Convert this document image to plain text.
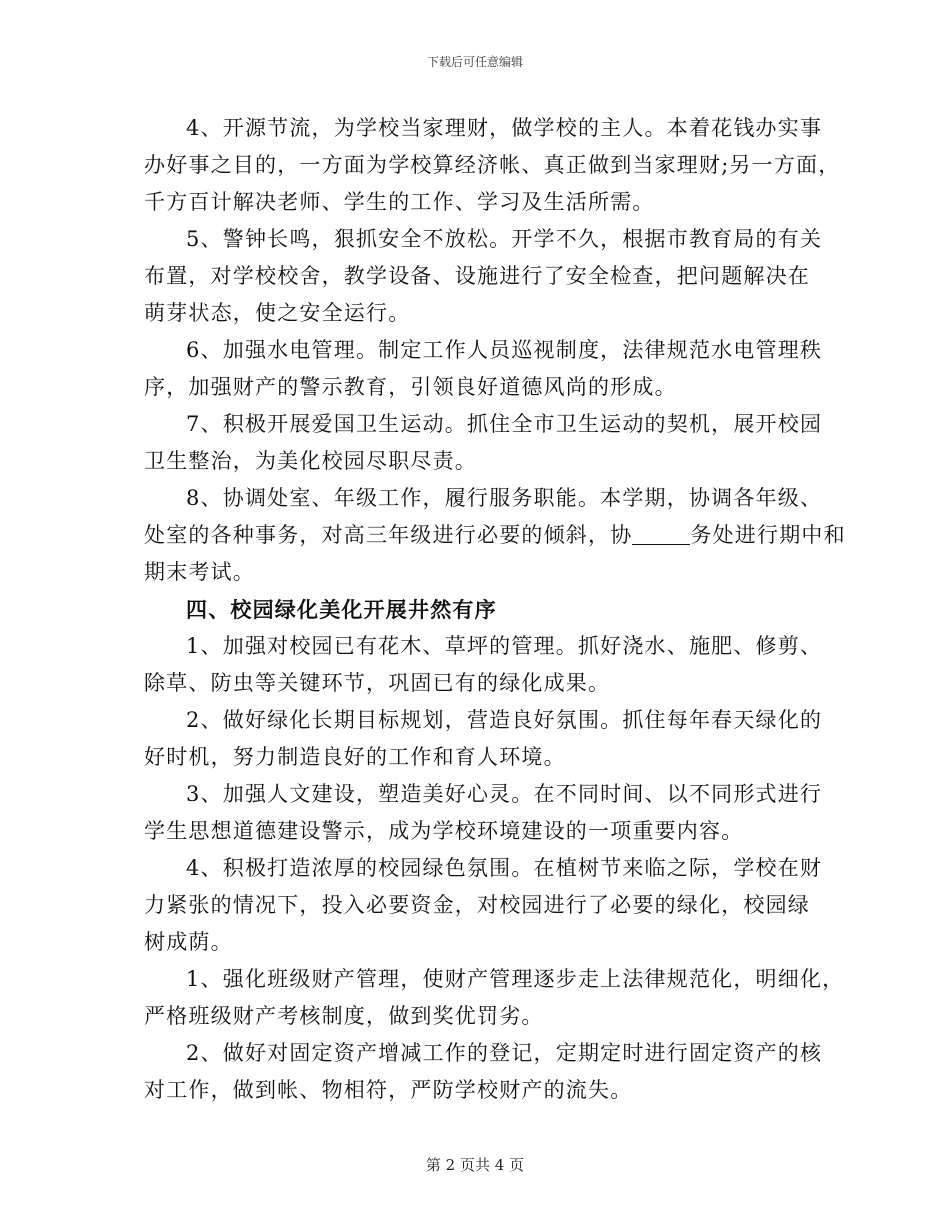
下载后可任意编辑
4、开源节流，为学校当家理财，做学校的主人。本着花钱办实事
办好事之目的，一方面为学校算经济帐、真正做到当家理财;另一方面，
千方百计解决老师、学生的工作、学习及生活所需。
5、警钟长鸣，狠抓安全不放松。开学不久，根据市教育局的有关
布置，对学校校舍，教学设备、设施进行了安全检查，把问题解决在
萌芽状态，使之安全运行。
6、加强水电管理。制定工作人员巡视制度，法律规范水电管理秩
序，加强财产的警示教育，引领良好道德风尚的形成。
7、积极开展爱国卫生运动。抓住全市卫生运动的契机，展开校园
卫生整治，为美化校园尽职尽责。
8、协调处室、年级工作，履行服务职能。本学期，协调各年级、
处室的各种事务，对高三年级进行必要的倾斜，协	务处进行期中和
期末考试。
四、校园绿化美化开展井然有序
1、加强对校园已有花木、草坪的管理。抓好浇水、施肥、修剪、
除草、防虫等关键环节，巩固已有的绿化成果。
2、做好绿化长期目标规划，营造良好氛围。抓住每年春天绿化的
好时机，努力制造良好的工作和育人环境。
3、加强人文建设，塑造美好心灵。在不同时间、以不同形式进行
学生思想道德建设警示，成为学校环境建设的一项重要内容。
4、积极打造浓厚的校园绿色氛围。在植树节来临之际，学校在财
力紧张的情况下，投入必要资金，对校园进行了必要的绿化，校园绿
树成荫。
1、强化班级财产管理，使财产管理逐步走上法律规范化，明细化，
严格班级财产考核制度，做到奖优罚劣。
2、做好对固定资产增减工作的登记，定期定时进行固定资产的核
对工作，做到帐、物相符，严防学校财产的流失。
第 2 页共 4 页
